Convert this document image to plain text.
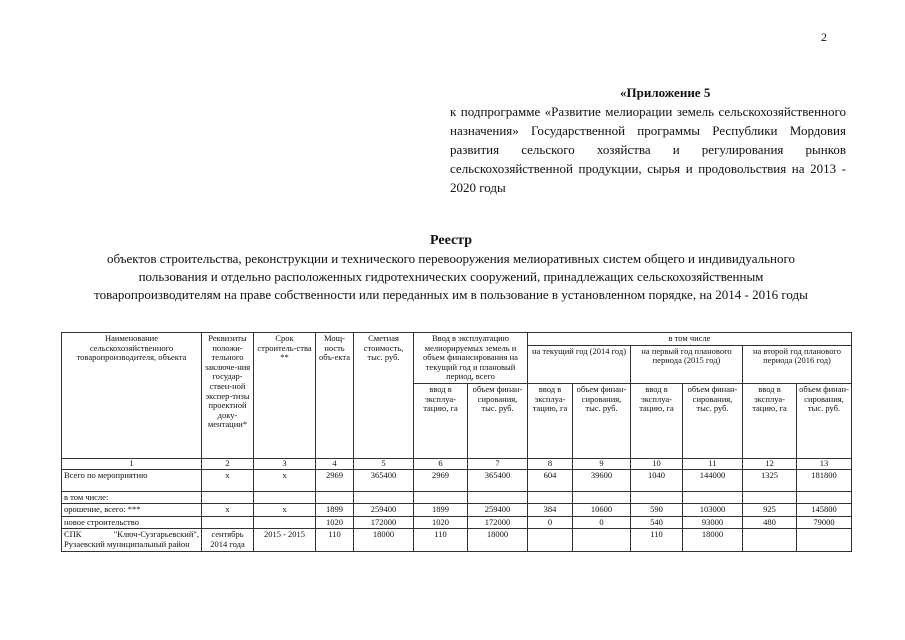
2
«Приложение 5
к подпрограмме «Развитие мелиорации земель сельскохозяйственного назначения» Государственной программы Республики Мордовия развития сельского хозяйства и регулирования рынков сельскохозяйственной продукции, сырья и продовольствия на 2013 - 2020 годы
Реестр
объектов строительства, реконструкции и технического перевооружения мелиоративных систем общего и индивидуального пользования и отдельно расположенных гидротехнических сооружений, принадлежащих сельскохозяйственным товаропроизводителям на праве собственности или переданных им в пользование в установленном порядке, на 2014 - 2016 годы
Наименование сельскохозяйственного товаропроизводителя, объекта	Реквизиты положи-тельного заключе-ния государ-ствен-ной экспер-тизы проектной доку-ментации*	Срок строитель-ства **	Мощ-ность объ-екта	Сметная стоимость, тыс. руб.	Ввод в эксплуатацию мелиорируемых земель и объем финансирования на текущий год и плановый период, всего		в том числе					
							на текущий год (2014 год)		на первый год планового периода (2015 год)		на второй год планового периода (2016 год)	
					ввод в эксплуа-тацию, га	объем финан-сирования, тыс. руб.	ввод в эксплуа-тацию, га	объем финан-сирования, тыс. руб.	ввод в эксплуа-тацию, га	объем финан-сирования, тыс. руб.	ввод в эксплуа-тацию, га	объем финан-сирования, тыс. руб.
1	2	3	4	5	6	7	8	9	10	11	12	13
Всего по мероприятию	х	х	2969	365400	2969	365400	604	39600	1040	144000	1325	181800
в том числе:												
орошение, всего: ***	х	х	1899	259400	1899	259400	384	10600	590	103000	925	145800
новое строительство			1020	172000	1020	172000	0	0	540	93000	480	79000
СПК "Ключ-Сузгарьевский", Рузаевский муниципальный район	сентябрь 2014 года	2015 - 2015	110	18000	110	18000			110	18000		
